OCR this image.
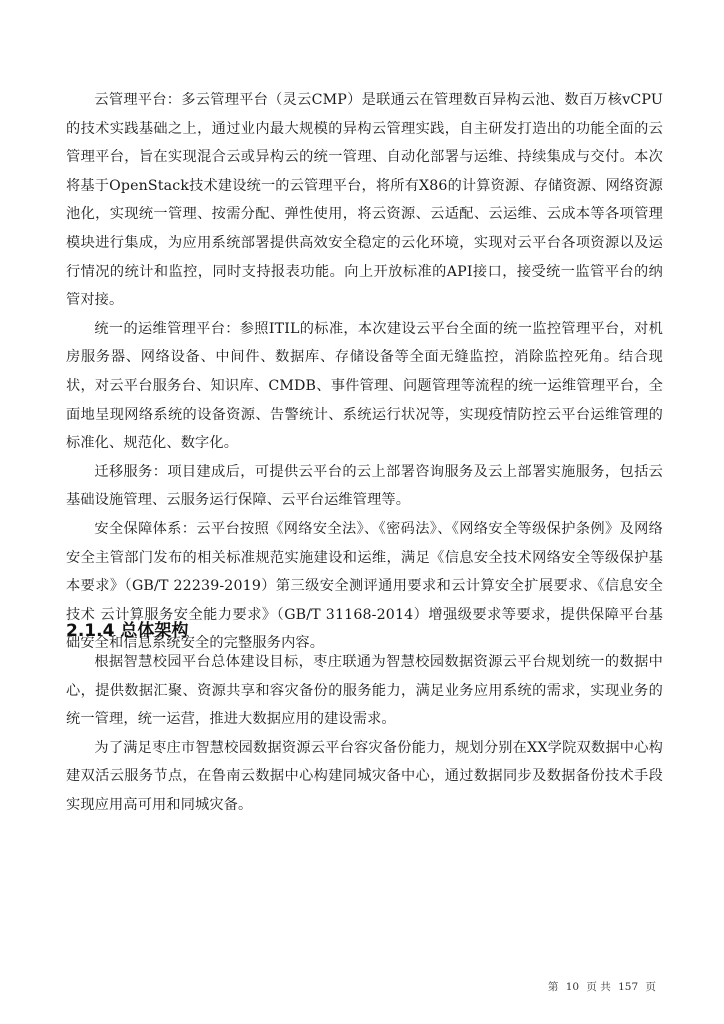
云管理平台：多云管理平台（灵云CMP）是联通云在管理数百异构云池、数百万核vCPU的技术实践基础之上，通过业内最大规模的异构云管理实践，自主研发打造出的功能全面的云管理平台，旨在实现混合云或异构云的统一管理、自动化部署与运维、持续集成与交付。本次将基于OpenStack技术建设统一的云管理平台，将所有X86的计算资源、存储资源、网络资源池化，实现统一管理、按需分配、弹性使用，将云资源、云适配、云运维、云成本等各项管理模块进行集成，为应用系统部署提供高效安全稳定的云化环境，实现对云平台各项资源以及运行情况的统计和监控，同时支持报表功能。向上开放标准的API接口，接受统一监管平台的纳管对接。

统一的运维管理平台：参照ITIL的标准，本次建设云平台全面的统一监控管理平台，对机房服务器、网络设备、中间件、数据库、存储设备等全面无缝监控，消除监控死角。结合现状，对云平台服务台、知识库、CMDB、事件管理、问题管理等流程的统一运维管理平台，全面地呈现网络系统的设备资源、告警统计、系统运行状况等，实现疫情防控云平台运维管理的标准化、规范化、数字化。

迁移服务：项目建成后，可提供云平台的云上部署咨询服务及云上部署实施服务，包括云基础设施管理、云服务运行保障、云平台运维管理等。

安全保障体系：云平台按照《网络安全法》、《密码法》、《网络安全等级保护条例》及网络安全主管部门发布的相关标准规范实施建设和运维，满足《信息安全技术网络安全等级保护基本要求》（GB/T 22239-2019）第三级安全测评通用要求和云计算安全扩展要求、《信息安全技术 云计算服务安全能力要求》（GB/T 31168-2014）增强级要求等要求，提供保障平台基础安全和信息系统安全的完整服务内容。

2.1.4 总体架构

根据智慧校园平台总体建设目标，枣庄联通为智慧校园数据资源云平台规划统一的数据中心，提供数据汇聚、资源共享和容灾备份的服务能力，满足业务应用系统的需求，实现业务的统一管理，统一运营，推进大数据应用的建设需求。

为了满足枣庄市智慧校园数据资源云平台容灾备份能力，规划分别在XX学院双数据中心构建双活云服务节点，在鲁南云数据中心构建同城灾备中心，通过数据同步及数据备份技术手段实现应用高可用和同城灾备。

第 10 页 共 157 页
